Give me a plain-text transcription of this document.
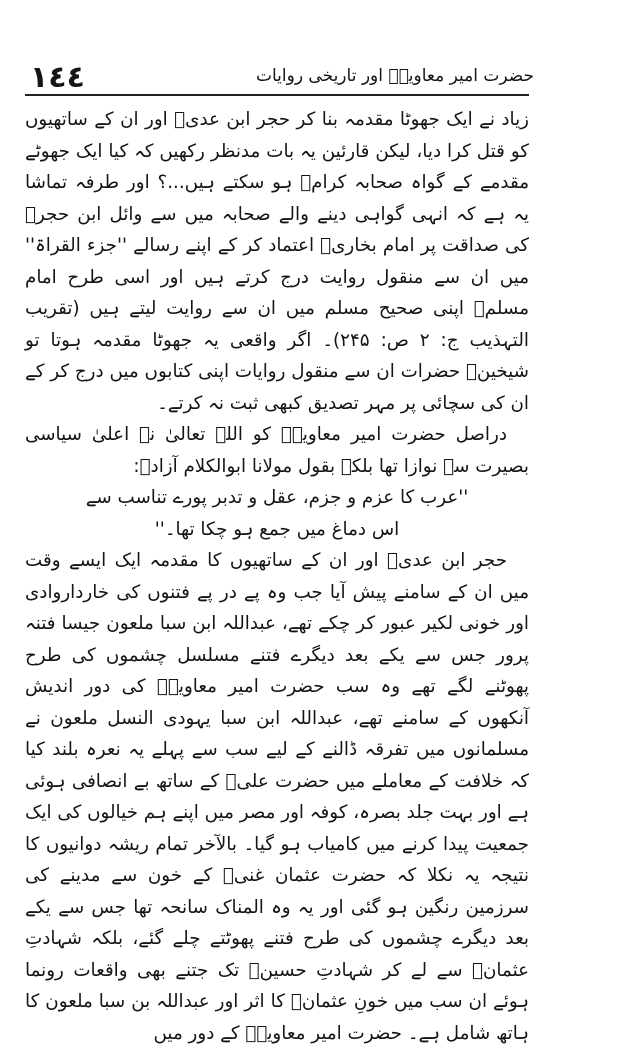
١٤٤	حضرت امیر معاویہؓ اور تاریخی روایات

زیاد نے ایک جھوٹا مقدمہ بنا کر حجر ابن عدیؓ اور ان کے ساتھیوں کو قتل کرا دیا، لیکن قارئین یہ بات مدنظر رکھیں کہ کیا ایک جھوٹے مقدمے کے گواہ صحابہ کرامؓ ہو سکتے ہیں...؟ اور طرفہ تماشا یہ ہے کہ انہی گواہی دینے والے صحابہ میں سے وائل ابن حجرؓ کی صداقت پر امام بخاریؒ اعتماد کر کے اپنے رسالے ''جزء القراۃ'' میں ان سے منقول روایت درج کرتے ہیں اور اسی طرح امام مسلمؒ اپنی صحیح مسلم میں ان سے روایت لیتے ہیں (تقریب التہذیب ج: ۲ ص: ۲۴۵)۔ اگر واقعی یہ جھوٹا مقدمہ ہوتا تو شیخینؒ حضرات ان سے منقول روایات اپنی کتابوں میں درج کر کے ان کی سچائی پر مہر تصدیق کبھی ثبت نہ کرتے۔

دراصل حضرت امیر معاویہؓ کو اللہ تعالیٰ نے اعلیٰ سیاسی بصیرت سے نوازا تھا بلکہ بقول مولانا ابوالکلام آزادؒ:

''عرب کا عزم و جزم، عقل و تدبر پورے تناسب سے

اس دماغ میں جمع ہو چکا تھا۔''

حجر ابن عدیؓ اور ان کے ساتھیوں کا مقدمہ ایک ایسے وقت میں ان کے سامنے پیش آیا جب وہ پے در پے فتنوں کی خارداروادی اور خونی لکیر عبور کر چکے تھے، عبداللہ ابن سبا ملعون جیسا فتنہ پرور جس سے یکے بعد دیگرے فتنے مسلسل چشموں کی طرح پھوٹنے لگے تھے وہ سب حضرت امیر معاویہؓ کی دور اندیش آنکھوں کے سامنے تھے، عبداللہ ابن سبا یہودی النسل ملعون نے مسلمانوں میں تفرقہ ڈالنے کے لیے سب سے پہلے یہ نعرہ بلند کیا کہ خلافت کے معاملے میں حضرت علیؓ کے ساتھ بے انصافی ہوئی ہے اور بہت جلد بصرہ، کوفہ اور مصر میں اپنے ہم خیالوں کی ایک جمعیت پیدا کرنے میں کامیاب ہو گیا۔ بالآخر تمام ریشہ دوانیوں کا نتیجہ یہ نکلا کہ حضرت عثمان غنیؓ کے خون سے مدینے کی سرزمین رنگین ہو گئی اور یہ وہ المناک سانحہ تھا جس سے یکے بعد دیگرے چشموں کی طرح فتنے پھوٹتے چلے گئے، بلکہ شہادتِ عثمانؓ سے لے کر شہادتِ حسینؓ تک جتنے بھی واقعات رونما ہوئے ان سب میں خونِ عثمانؓ کا اثر اور عبداللہ بن سبا ملعون کا ہاتھ شامل ہے۔ حضرت امیر معاویہؓ کے دور میں
